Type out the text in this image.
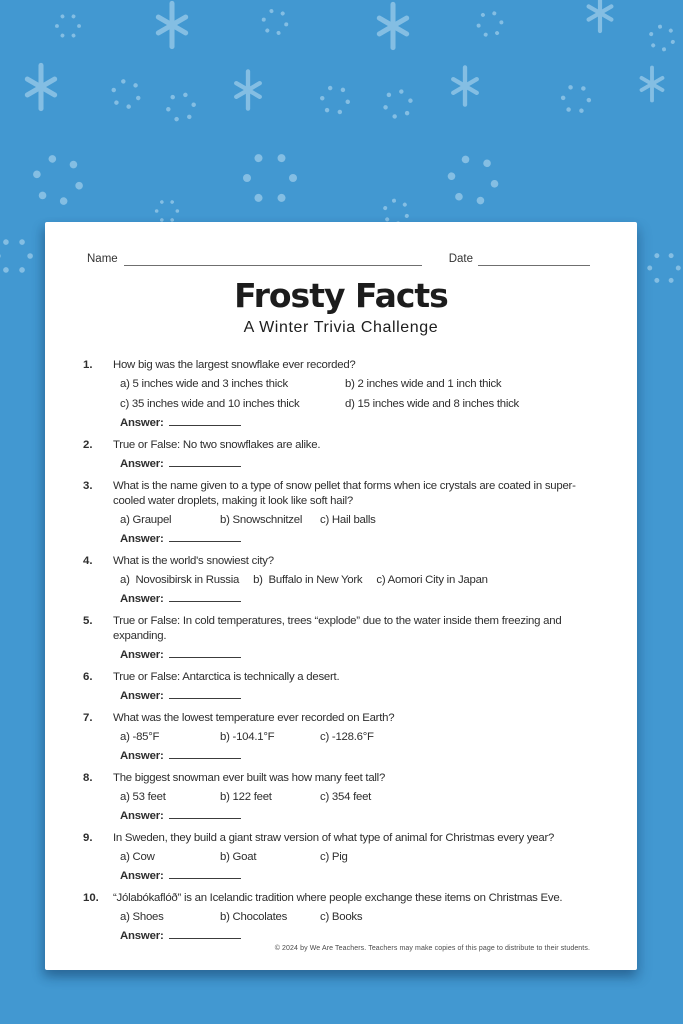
Name	Date
Frosty Facts
A Winter Trivia Challenge
1.	How big was the largest snowflake ever recorded?
a) 5 inches wide and 3 inches thick	b) 2 inches wide and 1 inch thick
c) 35 inches wide and 10 inches thick	d) 15 inches wide and 8 inches thick
Answer:
2.	True or False: No two snowflakes are alike.
Answer:
3.	What is the name given to a type of snow pellet that forms when ice crystals are coated in super-cooled water droplets, making it look like soft hail?
a) Graupel	b) Snowschnitzel	c) Hail balls
Answer:
4.	What is the world's snowiest city?
a)  Novosibirsk in Russia b)  Buffalo in New York c) Aomori City in Japan
Answer:
5.	True or False: In cold temperatures, trees “explode” due to the water inside them freezing and expanding.
Answer:
6.	True or False: Antarctica is technically a desert.
Answer:
7.	What was the lowest temperature ever recorded on Earth?
a) -85°F	b) -104.1°F	c) -128.6°F
Answer:
8.	The biggest snowman ever built was how many feet tall?
a) 53 feet	b) 122 feet	c) 354 feet
Answer:
9.	In Sweden, they build a giant straw version of what type of animal for Christmas every year?
a) Cow	b) Goat	c) Pig
Answer:
10.	“Jólabókaflóð” is an Icelandic tradition where people exchange these items on Christmas Eve.
a) Shoes	b) Chocolates	c) Books
Answer:
© 2024 by We Are Teachers. Teachers may make copies of this page to distribute to their students.
